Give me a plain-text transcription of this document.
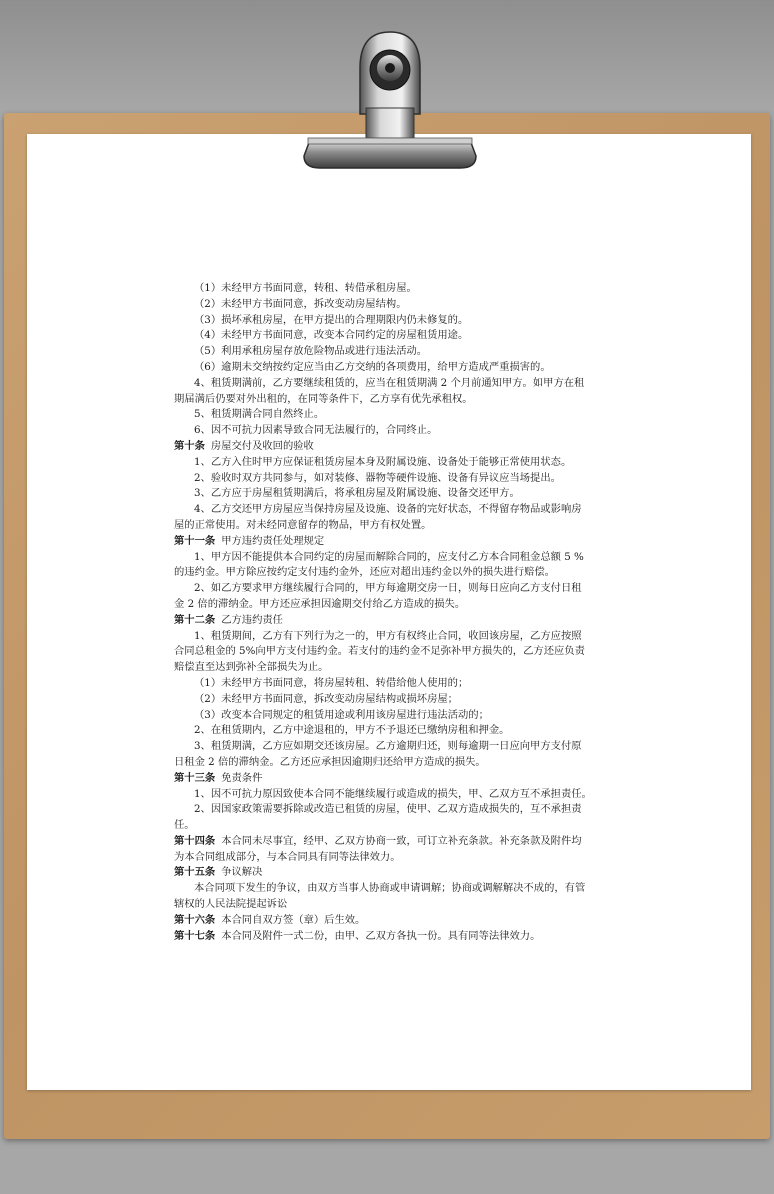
（1）未经甲方书面同意，转租、转借承租房屋。

（2）未经甲方书面同意，拆改变动房屋结构。

（3）损坏承租房屋，在甲方提出的合理期限内仍未修复的。

（4）未经甲方书面同意，改变本合同约定的房屋租赁用途。

（5）利用承租房屋存放危险物品或进行违法活动。

（6）逾期未交纳按约定应当由乙方交纳的各项费用，给甲方造成严重损害的。

4、租赁期满前，乙方要继续租赁的，应当在租赁期满 2 个月前通知甲方。如甲方在租

期届满后仍要对外出租的，在同等条件下，乙方享有优先承租权。

5、租赁期满合同自然终止。

6、因不可抗力因素导致合同无法履行的，合同终止。

第十条 房屋交付及收回的验收

1、乙方入住时甲方应保证租赁房屋本身及附属设施、设备处于能够正常使用状态。

2、验收时双方共同参与，如对装修、器物等硬件设施、设备有异议应当场提出。

3、乙方应于房屋租赁期满后，将承租房屋及附属设施、设备交还甲方。

4、乙方交还甲方房屋应当保持房屋及设施、设备的完好状态，不得留存物品或影响房

屋的正常使用。对未经同意留存的物品，甲方有权处置。

第十一条 甲方违约责任处理规定

1、甲方因不能提供本合同约定的房屋而解除合同的，应支付乙方本合同租金总额 5 %

的违约金。甲方除应按约定支付违约金外，还应对超出违约金以外的损失进行赔偿。

2、如乙方要求甲方继续履行合同的，甲方每逾期交房一日，则每日应向乙方支付日租

金 2 倍的滞纳金。甲方还应承担因逾期交付给乙方造成的损失。

第十二条 乙方违约责任

1、租赁期间，乙方有下列行为之一的，甲方有权终止合同，收回该房屋，乙方应按照

合同总租金的 5%向甲方支付违约金。若支付的违约金不足弥补甲方损失的，乙方还应负责

赔偿直至达到弥补全部损失为止。

（1）未经甲方书面同意，将房屋转租、转借给他人使用的；

（2）未经甲方书面同意，拆改变动房屋结构或损坏房屋；

（3）改变本合同规定的租赁用途或利用该房屋进行违法活动的；

2、在租赁期内，乙方中途退租的，甲方不予退还已缴纳房租和押金。

3、租赁期满，乙方应如期交还该房屋。乙方逾期归还，则每逾期一日应向甲方支付原

日租金 2 倍的滞纳金。乙方还应承担因逾期归还给甲方造成的损失。

第十三条 免责条件

1、因不可抗力原因致使本合同不能继续履行或造成的损失，甲、乙双方互不承担责任。

2、因国家政策需要拆除或改造已租赁的房屋，使甲、乙双方造成损失的，互不承担责

任。

第十四条 本合同未尽事宜，经甲、乙双方协商一致，可订立补充条款。补充条款及附件均

为本合同组成部分，与本合同具有同等法律效力。

第十五条 争议解决

本合同项下发生的争议，由双方当事人协商或申请调解；协商或调解解决不成的，有管

辖权的人民法院提起诉讼

第十六条 本合同自双方签（章）后生效。

第十七条 本合同及附件一式二份，由甲、乙双方各执一份。具有同等法律效力。
